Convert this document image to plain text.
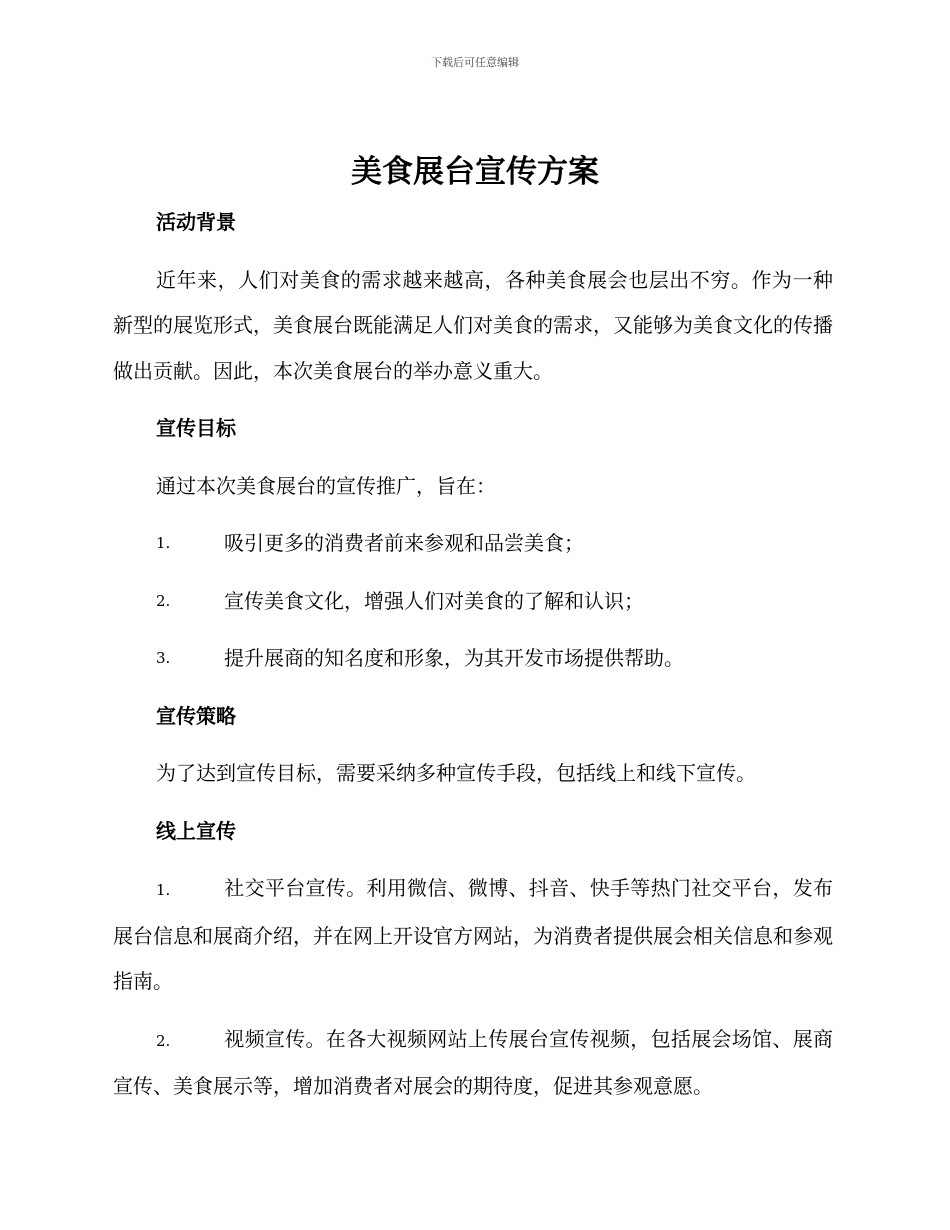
下载后可任意编辑
美食展台宣传方案
活动背景
近年来，人们对美食的需求越来越高，各种美食展会也层出不穷。作为一种新型的展览形式，美食展台既能满足人们对美食的需求，又能够为美食文化的传播做出贡献。因此，本次美食展台的举办意义重大。
宣传目标
通过本次美食展台的宣传推广，旨在：
1.	吸引更多的消费者前来参观和品尝美食；
2.	宣传美食文化，增强人们对美食的了解和认识；
3.	提升展商的知名度和形象，为其开发市场提供帮助。
宣传策略
为了达到宣传目标，需要采纳多种宣传手段，包括线上和线下宣传。
线上宣传
1.	社交平台宣传。利用微信、微博、抖音、快手等热门社交平台，发布展台信息和展商介绍，并在网上开设官方网站，为消费者提供展会相关信息和参观指南。
2.	视频宣传。在各大视频网站上传展台宣传视频，包括展会场馆、展商宣传、美食展示等，增加消费者对展会的期待度，促进其参观意愿。
